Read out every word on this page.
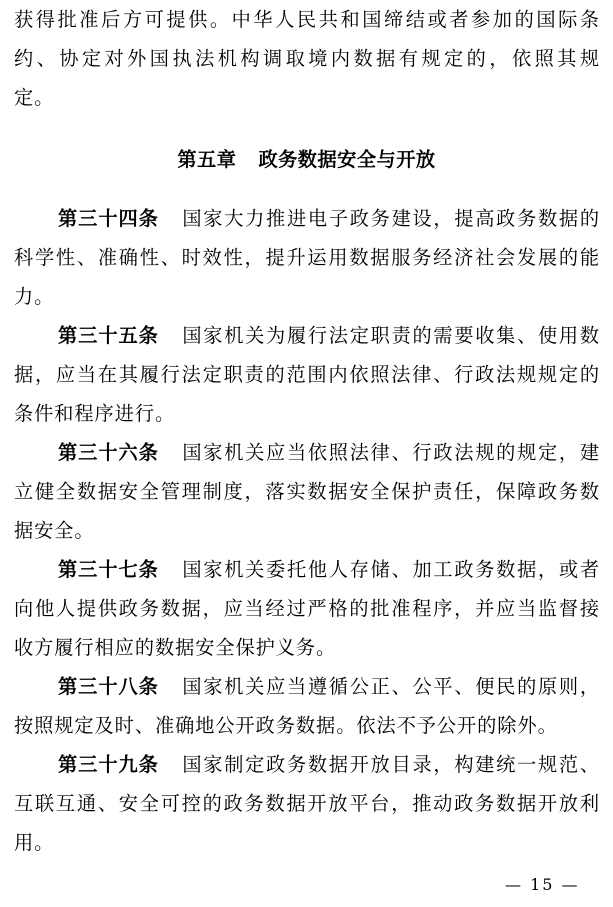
获得批准后方可提供。中华人民共和国缔结或者参加的国际条
约、协定对外国执法机构调取境内数据有规定的，依照其规
定。
第五章 政务数据安全与开放
第三十四条 国家大力推进电子政务建设，提高政务数据的
科学性、准确性、时效性，提升运用数据服务经济社会发展的能
力。
第三十五条 国家机关为履行法定职责的需要收集、使用数
据，应当在其履行法定职责的范围内依照法律、行政法规规定的
条件和程序进行。
第三十六条 国家机关应当依照法律、行政法规的规定，建
立健全数据安全管理制度，落实数据安全保护责任，保障政务数
据安全。
第三十七条 国家机关委托他人存储、加工政务数据，或者
向他人提供政务数据，应当经过严格的批准程序，并应当监督接
收方履行相应的数据安全保护义务。
第三十八条 国家机关应当遵循公正、公平、便民的原则，
按照规定及时、准确地公开政务数据。依法不予公开的除外。
第三十九条 国家制定政务数据开放目录，构建统一规范、
互联互通、安全可控的政务数据开放平台，推动政务数据开放利
用。
— 15 —
